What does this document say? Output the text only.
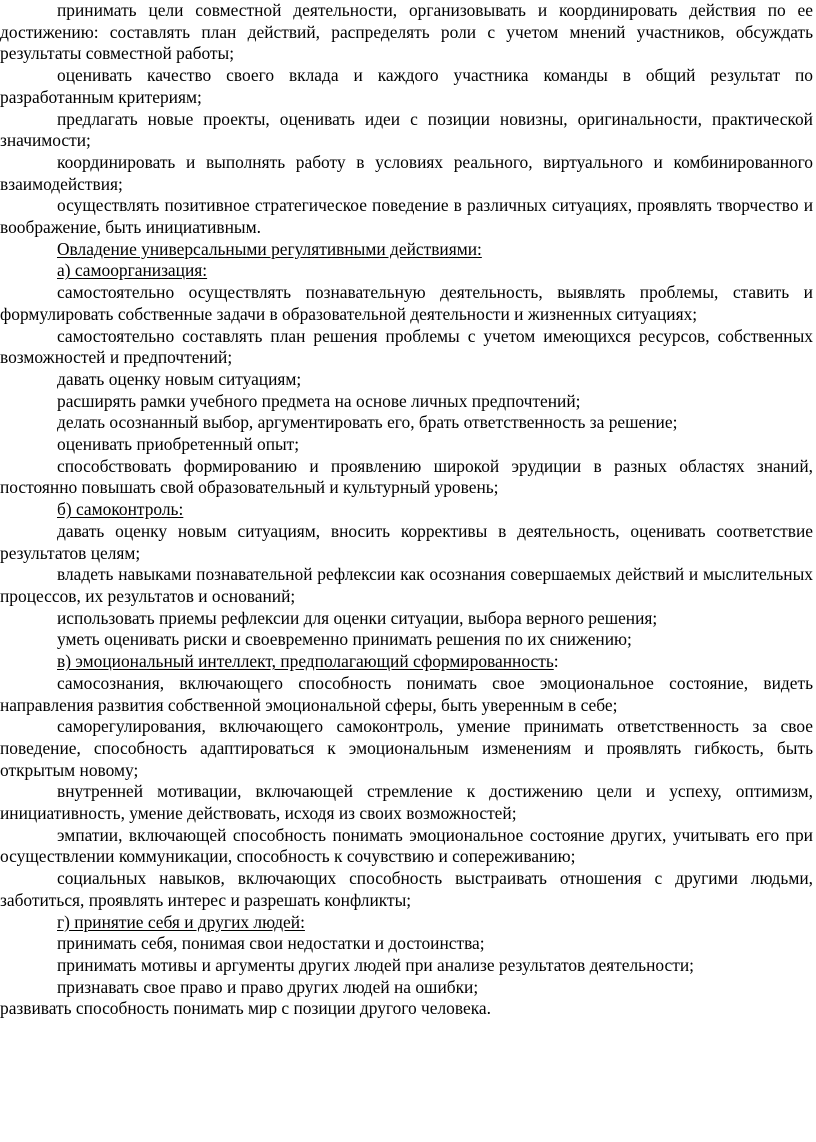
принимать цели совместной деятельности, организовывать и координировать действия по ее достижению: составлять план действий, распределять роли с учетом мнений участников, обсуждать результаты совместной работы;

оценивать качество своего вклада и каждого участника команды в общий результат по разработанным критериям;

предлагать новые проекты, оценивать идеи с позиции новизны, оригинальности, практической значимости;

координировать и выполнять работу в условиях реального, виртуального и комбинированного взаимодействия;

осуществлять позитивное стратегическое поведение в различных ситуациях, проявлять творчество и воображение, быть инициативным.

Овладение универсальными регулятивными действиями:

а) самоорганизация:

самостоятельно осуществлять познавательную деятельность, выявлять проблемы, ставить и формулировать собственные задачи в образовательной деятельности и жизненных ситуациях;

самостоятельно составлять план решения проблемы с учетом имеющихся ресурсов, собственных возможностей и предпочтений;

давать оценку новым ситуациям;

расширять рамки учебного предмета на основе личных предпочтений;

делать осознанный выбор, аргументировать его, брать ответственность за решение;

оценивать приобретенный опыт;

способствовать формированию и проявлению широкой эрудиции в разных областях знаний, постоянно повышать свой образовательный и культурный уровень;

б) самоконтроль:

давать оценку новым ситуациям, вносить коррективы в деятельность, оценивать соответствие результатов целям;

владеть навыками познавательной рефлексии как осознания совершаемых действий и мыслительных процессов, их результатов и оснований;

использовать приемы рефлексии для оценки ситуации, выбора верного решения;

уметь оценивать риски и своевременно принимать решения по их снижению;

в) эмоциональный интеллект, предполагающий сформированность:

самосознания, включающего способность понимать свое эмоциональное состояние, видеть направления развития собственной эмоциональной сферы, быть уверенным в себе;

саморегулирования, включающего самоконтроль, умение принимать ответственность за свое поведение, способность адаптироваться к эмоциональным изменениям и проявлять гибкость, быть открытым новому;

внутренней мотивации, включающей стремление к достижению цели и успеху, оптимизм, инициативность, умение действовать, исходя из своих возможностей;

эмпатии, включающей способность понимать эмоциональное состояние других, учитывать его при осуществлении коммуникации, способность к сочувствию и сопереживанию;

социальных навыков, включающих способность выстраивать отношения с другими людьми, заботиться, проявлять интерес и разрешать конфликты;

г) принятие себя и других людей:

принимать себя, понимая свои недостатки и достоинства;

принимать мотивы и аргументы других людей при анализе результатов деятельности;

признавать свое право и право других людей на ошибки;

развивать способность понимать мир с позиции другого человека.
